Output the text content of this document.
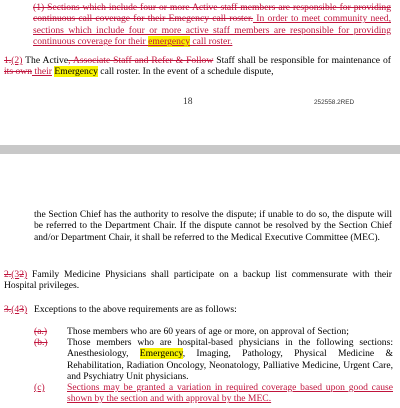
(1) Sections which include four or more Active staff members are responsible for providing continuous call coverage for their Emegency call roster. In order to meet community need, sections which include four or more active staff members are responsible for providing continuous coverage for their emergency call roster.

1.(2) The Active, Associate Staff and Refer & Follow Staff shall be responsible for maintenance of its own their Emergency call roster. In the event of a schedule dispute,

18	252558.2RED

the Section Chief has the authority to resolve the dispute; if unable to do so, the dispute will be referred to the Department Chair. If the dispute cannot be resolved by the Section Chief and/or Department Chair, it shall be referred to the Medical Executive Committee (MEC).

2.(32) Family Medicine Physicians shall participate on a backup list commensurate with their Hospital privileges.

3.(43) Exceptions to the above requirements are as follows:

(a.) Those members who are 60 years of age or more, on approval of Section;
(b.) Those members who are hospital-based physicians in the following sections: Anesthesiology, Emergency, Imaging, Pathology, Physical Medicine & Rehabilitation, Radiation Oncology, Neonatology, Palliative Medicine, Urgent Care, and Psychiatry Unit physicians.
(c) Sections may be granted a variation in required coverage based upon good cause shown by the section and with approval by the MEC.
